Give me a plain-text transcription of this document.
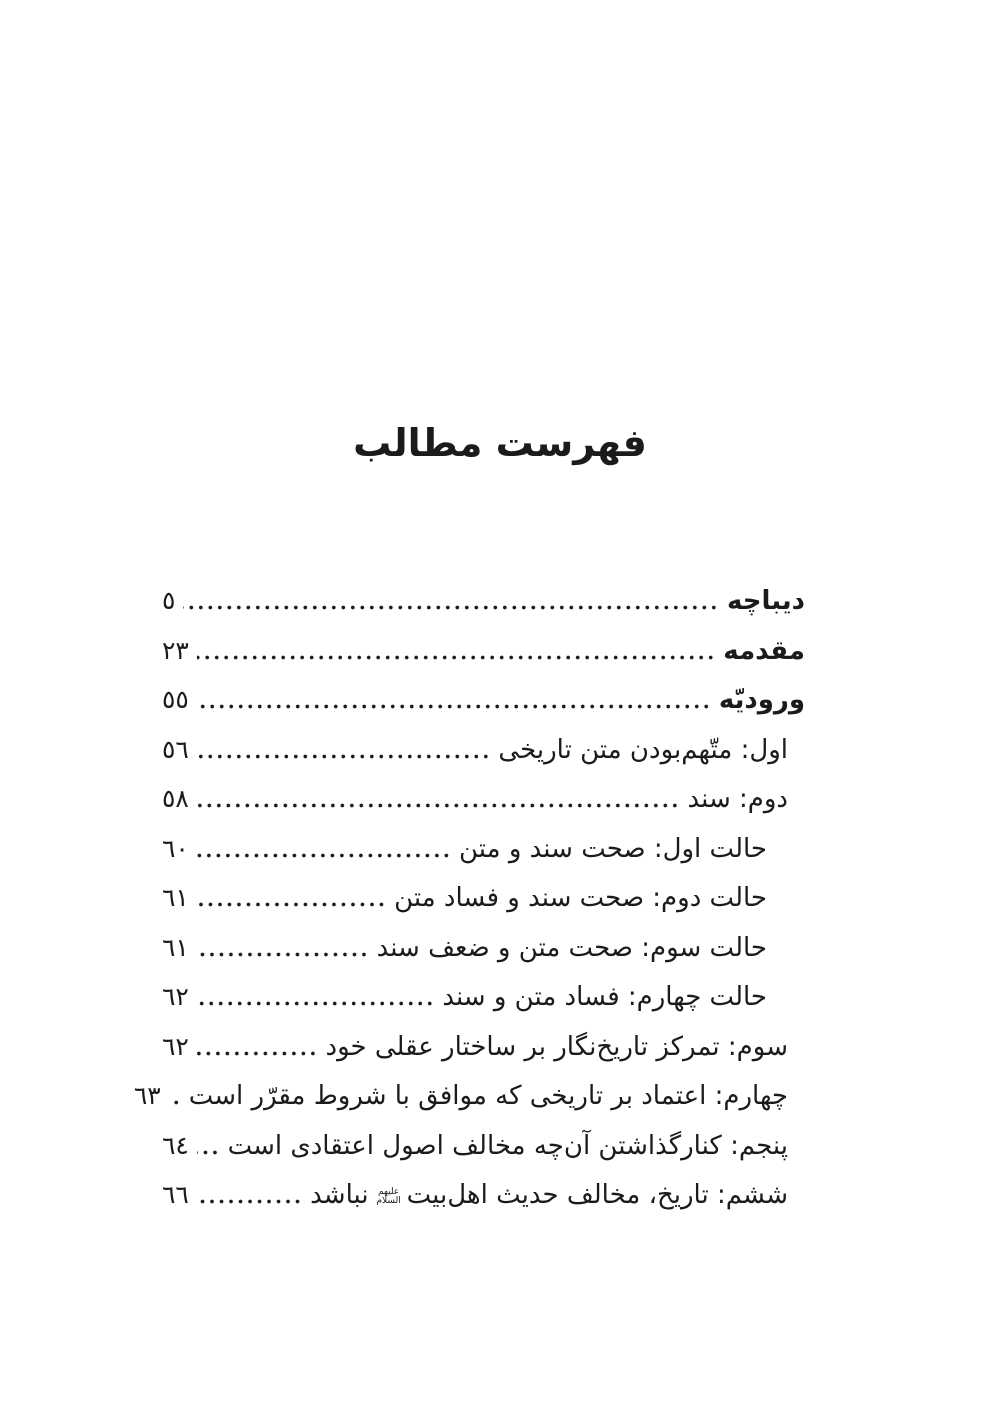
فهرست مطالب
دیباچه
٥
مقدمه
٢٣
ورودیّه
٥٥
اول: متّهم‌بودن متن تاریخی
٥٦
دوم: سند
٥٨
حالت اول: صحت سند و متن
٦٠
حالت دوم: صحت سند و فساد متن
٦١
حالت سوم: صحت متن و ضعف سند
٦١
حالت چهارم: فساد متن و سند
٦٢
سوم: تمرکز تاریخ‌نگار بر ساختار عقلی خود
٦٢
چهارم: اعتماد بر تاریخی که موافق با شروط مقرّر است
٦٣
پنجم: کنارگذاشتن آن‌چه مخالف اصول اعتقادی است
٦٤
ششم: تاریخ، مخالف حدیث اهل‌بیت
علیهم السلام
نباشد
٦٦
